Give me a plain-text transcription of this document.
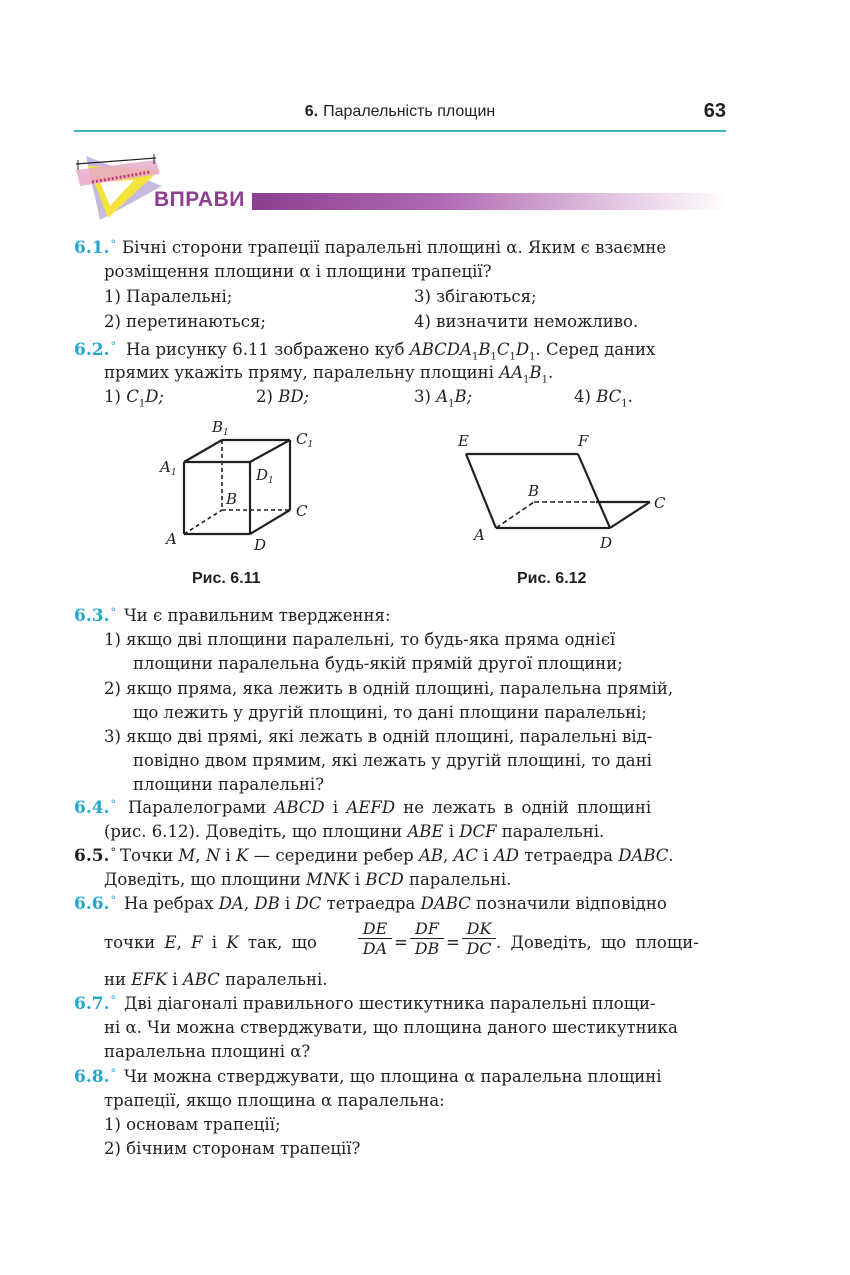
6. Паралельність площин	63
ВПРАВИ
6.1.° Бічні сторони трапеції паралельні площині α. Яким є взаємне
розміщення площини α і площини трапеції?
1) Паралельні;	3) збігаються;
2) перетинаються;	4) визначити неможливо.
6.2.° На рисунку 6.11 зображено куб $ABCDA_1B_1C_1D_1$. Серед даних
прямих укажіть пряму, паралельну площині $AA_1B_1$.
1) $C_1D$;	2) BD;	3) $A_1B$;	4) $BC_1$.
A
B
C
D
$A_1$
$B_1$	$C_1$
$D_1$
Рис. 6.11
E	F
B
C
A	D
Рис. 6.12
6.3.° Чи є правильним твердження:
1) якщо дві площини паралельні, то будь-яка пряма однієї
площини паралельна будь-якій прямій другої площини;
2) якщо пряма, яка лежить в одній площині, паралельна прямій,
що лежить у другій площині, то дані площини паралельні;
3) якщо дві прямі, які лежать в одній площині, паралельні від-
повідно двом прямим, які лежать у другій площині, то дані
площини паралельні?
6.4.° Паралелограми ABCD і AEFD не лежать в одній площині
(рис. 6.12). Доведіть, що площини ABE і DCF паралельні.
6.5.° Точки M, N і K — середини ребер AB, AC і AD тетраедра DABC.
Доведіть, що площини MNK і BCD паралельні.
6.6.° На ребрах DA, DB і DC тетраедра DABC позначили відповідно
точки E, F і K так, що	$\frac{DE}{DA} = \frac{DF}{DB} = \frac{DK}{DC}$ . Доведіть, що площи-
ни EFK і ABC паралельні.
6.7.° Дві діагоналі правильного шестикутника паралельні площи-
ні α. Чи можна стверджувати, що площина даного шестикутника
паралельна площині α?
6.8.° Чи можна стверджувати, що площина α паралельна площині
трапеції, якщо площина α паралельна:
1) основам трапеції;
2) бічним сторонам трапеції?
